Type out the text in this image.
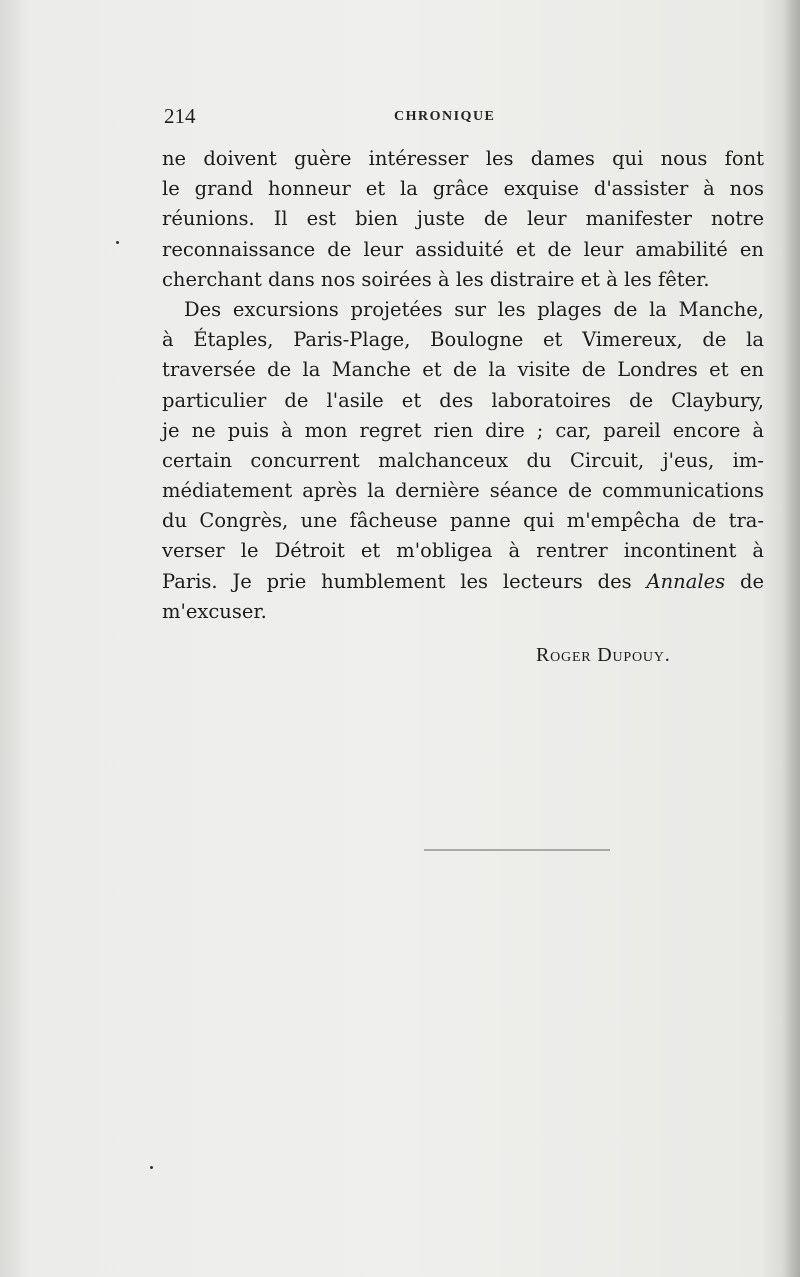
214	CHRONIQUE
ne doivent guère intéresser les dames qui nous font
le grand honneur et la grâce exquise d'assister à nos
réunions. Il est bien juste de leur manifester notre
reconnaissance de leur assiduité et de leur amabilité en
cherchant dans nos soirées à les distraire et à les fêter.
Des excursions projetées sur les plages de la Manche,
à Étaples, Paris-Plage, Boulogne et Vimereux, de la
traversée de la Manche et de la visite de Londres et en
particulier de l'asile et des laboratoires de Claybury,
je ne puis à mon regret rien dire ; car, pareil encore à
certain concurrent malchanceux du Circuit, j'eus, im-
médiatement après la dernière séance de communications
du Congrès, une fâcheuse panne qui m'empêcha de tra-
verser le Détroit et m'obligea à rentrer incontinent à
Paris. Je prie humblement les lecteurs des Annales de
m'excuser.
Roger Dupouy.
